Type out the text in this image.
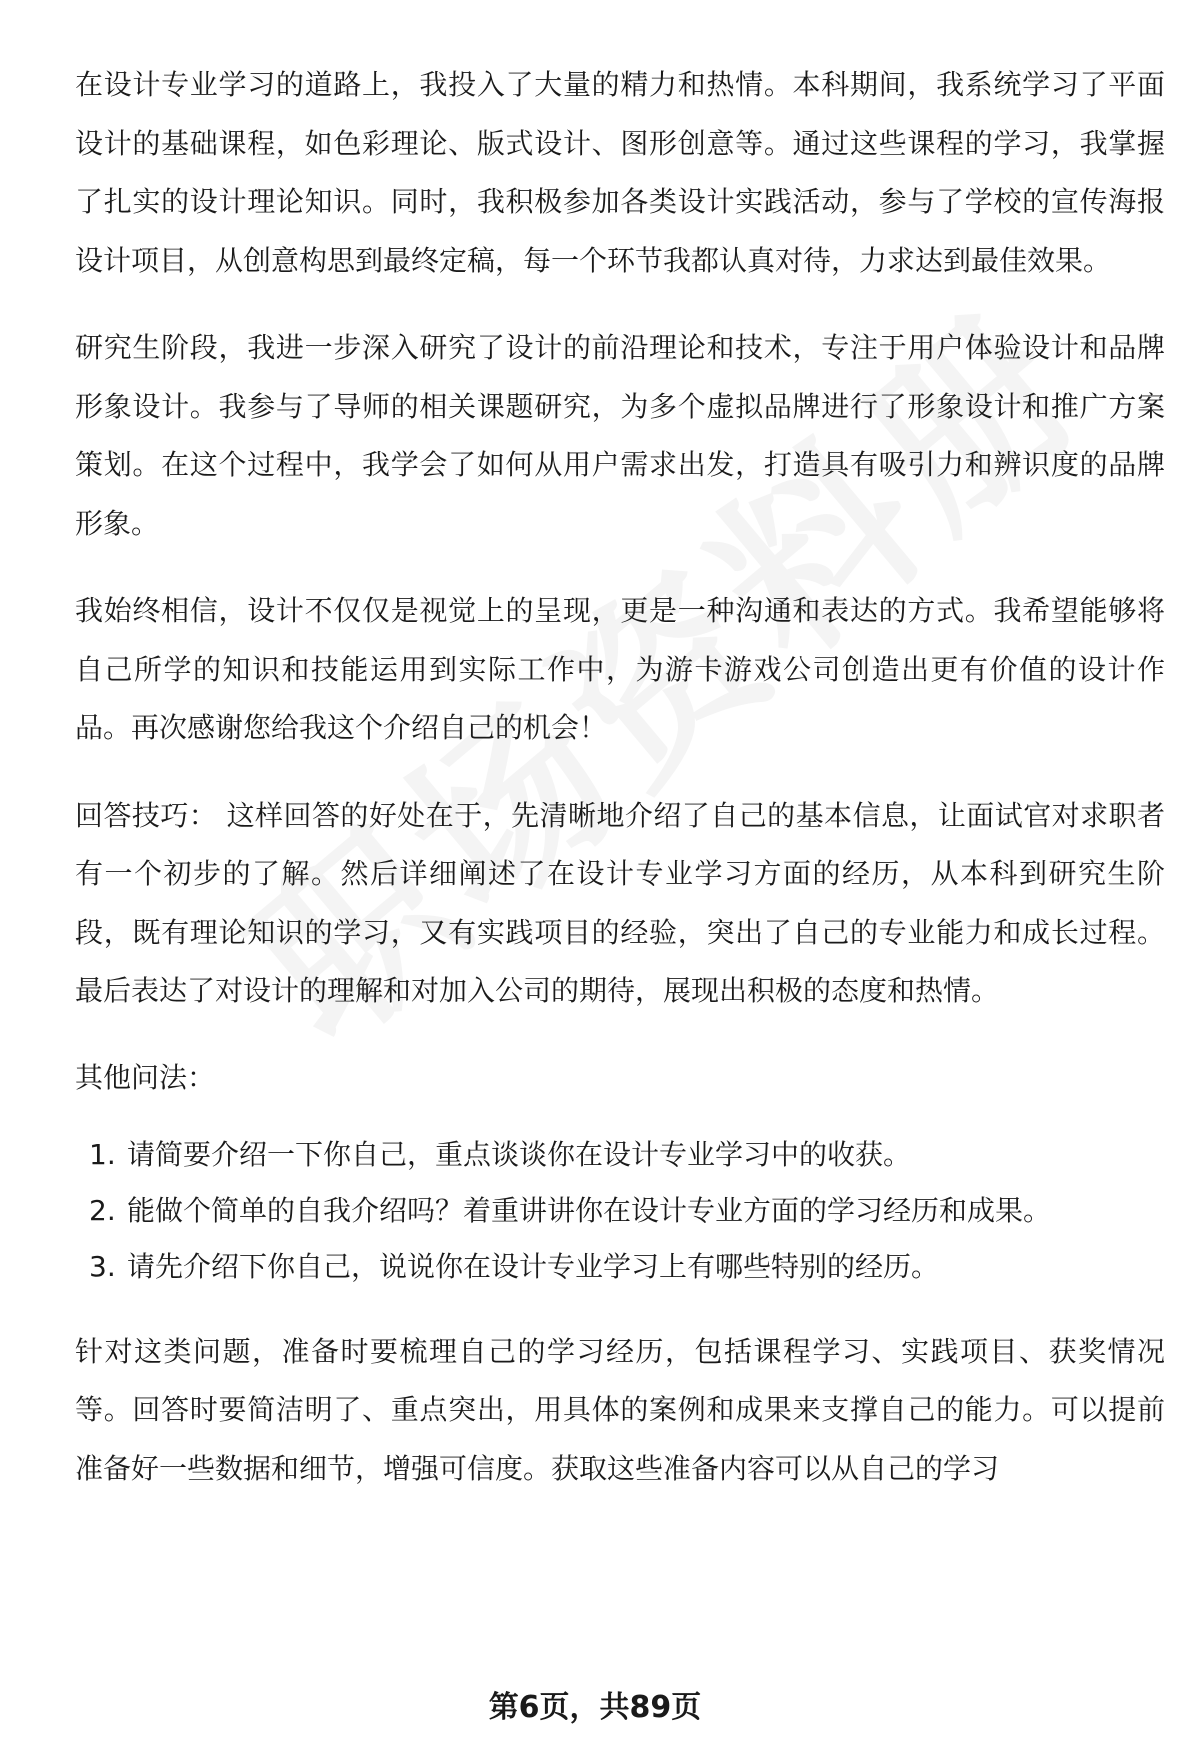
在设计专业学习的道路上，我投入了大量的精力和热情。本科期间，我系统学习了平面设计的基础课程，如色彩理论、版式设计、图形创意等。通过这些课程的学习，我掌握了扎实的设计理论知识。同时，我积极参加各类设计实践活动，参与了学校的宣传海报设计项目，从创意构思到最终定稿，每一个环节我都认真对待，力求达到最佳效果。

研究生阶段，我进一步深入研究了设计的前沿理论和技术，专注于用户体验设计和品牌形象设计。我参与了导师的相关课题研究，为多个虚拟品牌进行了形象设计和推广方案策划。在这个过程中，我学会了如何从用户需求出发，打造具有吸引力和辨识度的品牌形象。

我始终相信，设计不仅仅是视觉上的呈现，更是一种沟通和表达的方式。我希望能够将自己所学的知识和技能运用到实际工作中，为游卡游戏公司创造出更有价值的设计作品。再次感谢您给我这个介绍自己的机会！

回答技巧： 这样回答的好处在于，先清晰地介绍了自己的基本信息，让面试官对求职者有一个初步的了解。然后详细阐述了在设计专业学习方面的经历，从本科到研究生阶段，既有理论知识的学习，又有实践项目的经验，突出了自己的专业能力和成长过程。最后表达了对设计的理解和对加入公司的期待，展现出积极的态度和热情。

其他问法：
1. 请简要介绍一下你自己，重点谈谈你在设计专业学习中的收获。
2. 能做个简单的自我介绍吗？着重讲讲你在设计专业方面的学习经历和成果。
3. 请先介绍下你自己，说说你在设计专业学习上有哪些特别的经历。

针对这类问题，准备时要梳理自己的学习经历，包括课程学习、实践项目、获奖情况等。回答时要简洁明了、重点突出，用具体的案例和成果来支撑自己的能力。可以提前准备好一些数据和细节，增强可信度。获取这些准备内容可以从自己的学习

第6页，共89页
